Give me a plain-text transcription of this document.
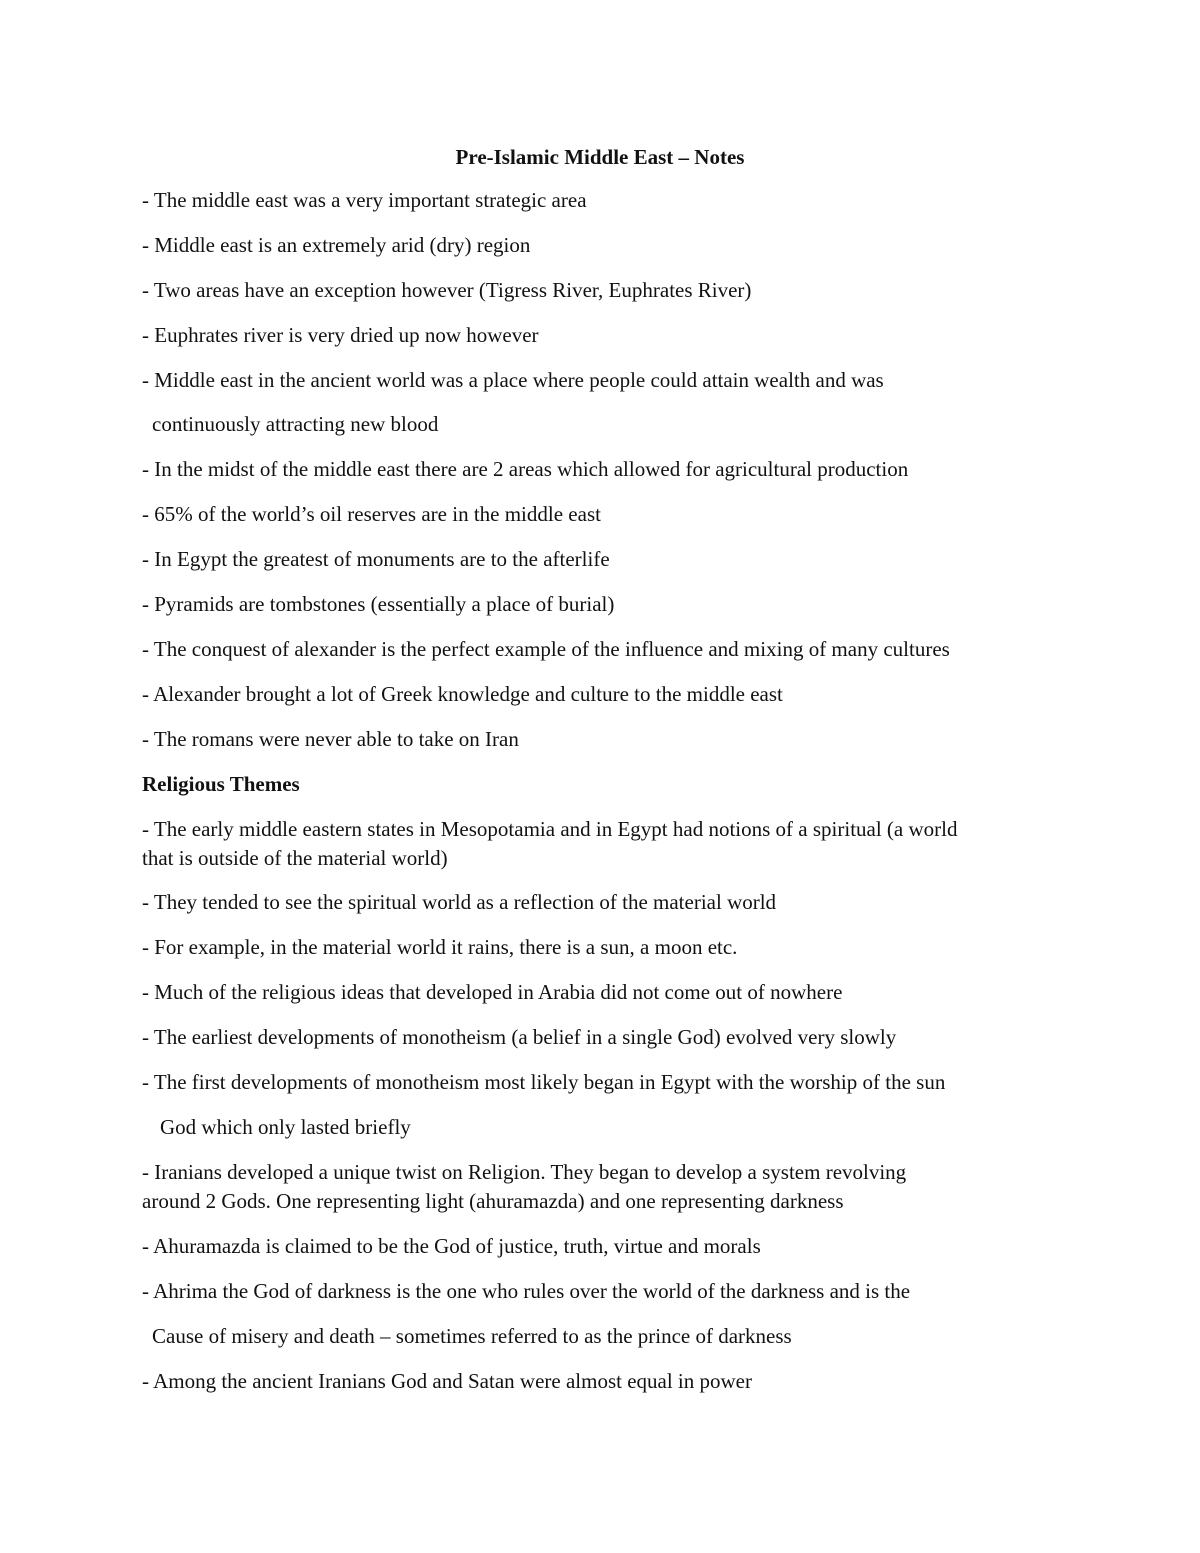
Pre-Islamic Middle East – Notes
- The middle east was a very important strategic area
- Middle east is an extremely arid (dry) region
- Two areas have an exception however (Tigress River, Euphrates River)
- Euphrates river is very dried up now however
- Middle east in the ancient world was a place where people could attain wealth and was
continuously attracting new blood
- In the midst of the middle east there are 2 areas which allowed for agricultural production
- 65% of the world’s oil reserves are in the middle east
- In Egypt the greatest of monuments are to the afterlife
- Pyramids are tombstones (essentially a place of burial)
- The conquest of alexander is the perfect example of the influence and mixing of many cultures
- Alexander brought a lot of Greek knowledge and culture to the middle east
- The romans were never able to take on Iran
Religious Themes
- The early middle eastern states in Mesopotamia and in Egypt had notions of a spiritual (a world
that is outside of the material world)
- They tended to see the spiritual world as a reflection of the material world
- For example, in the material world it rains, there is a sun, a moon etc.
- Much of the religious ideas that developed in Arabia did not come out of nowhere
- The earliest developments of monotheism (a belief in a single God) evolved very slowly
- The first developments of monotheism most likely began in Egypt with the worship of the sun
God which only lasted briefly
- Iranians developed a unique twist on Religion. They began to develop a system revolving
around 2 Gods. One representing light (ahuramazda) and one representing darkness
- Ahuramazda is claimed to be the God of justice, truth, virtue and morals
- Ahrima the God of darkness is the one who rules over the world of the darkness and is the
Cause of misery and death – sometimes referred to as the prince of darkness
- Among the ancient Iranians God and Satan were almost equal in power
